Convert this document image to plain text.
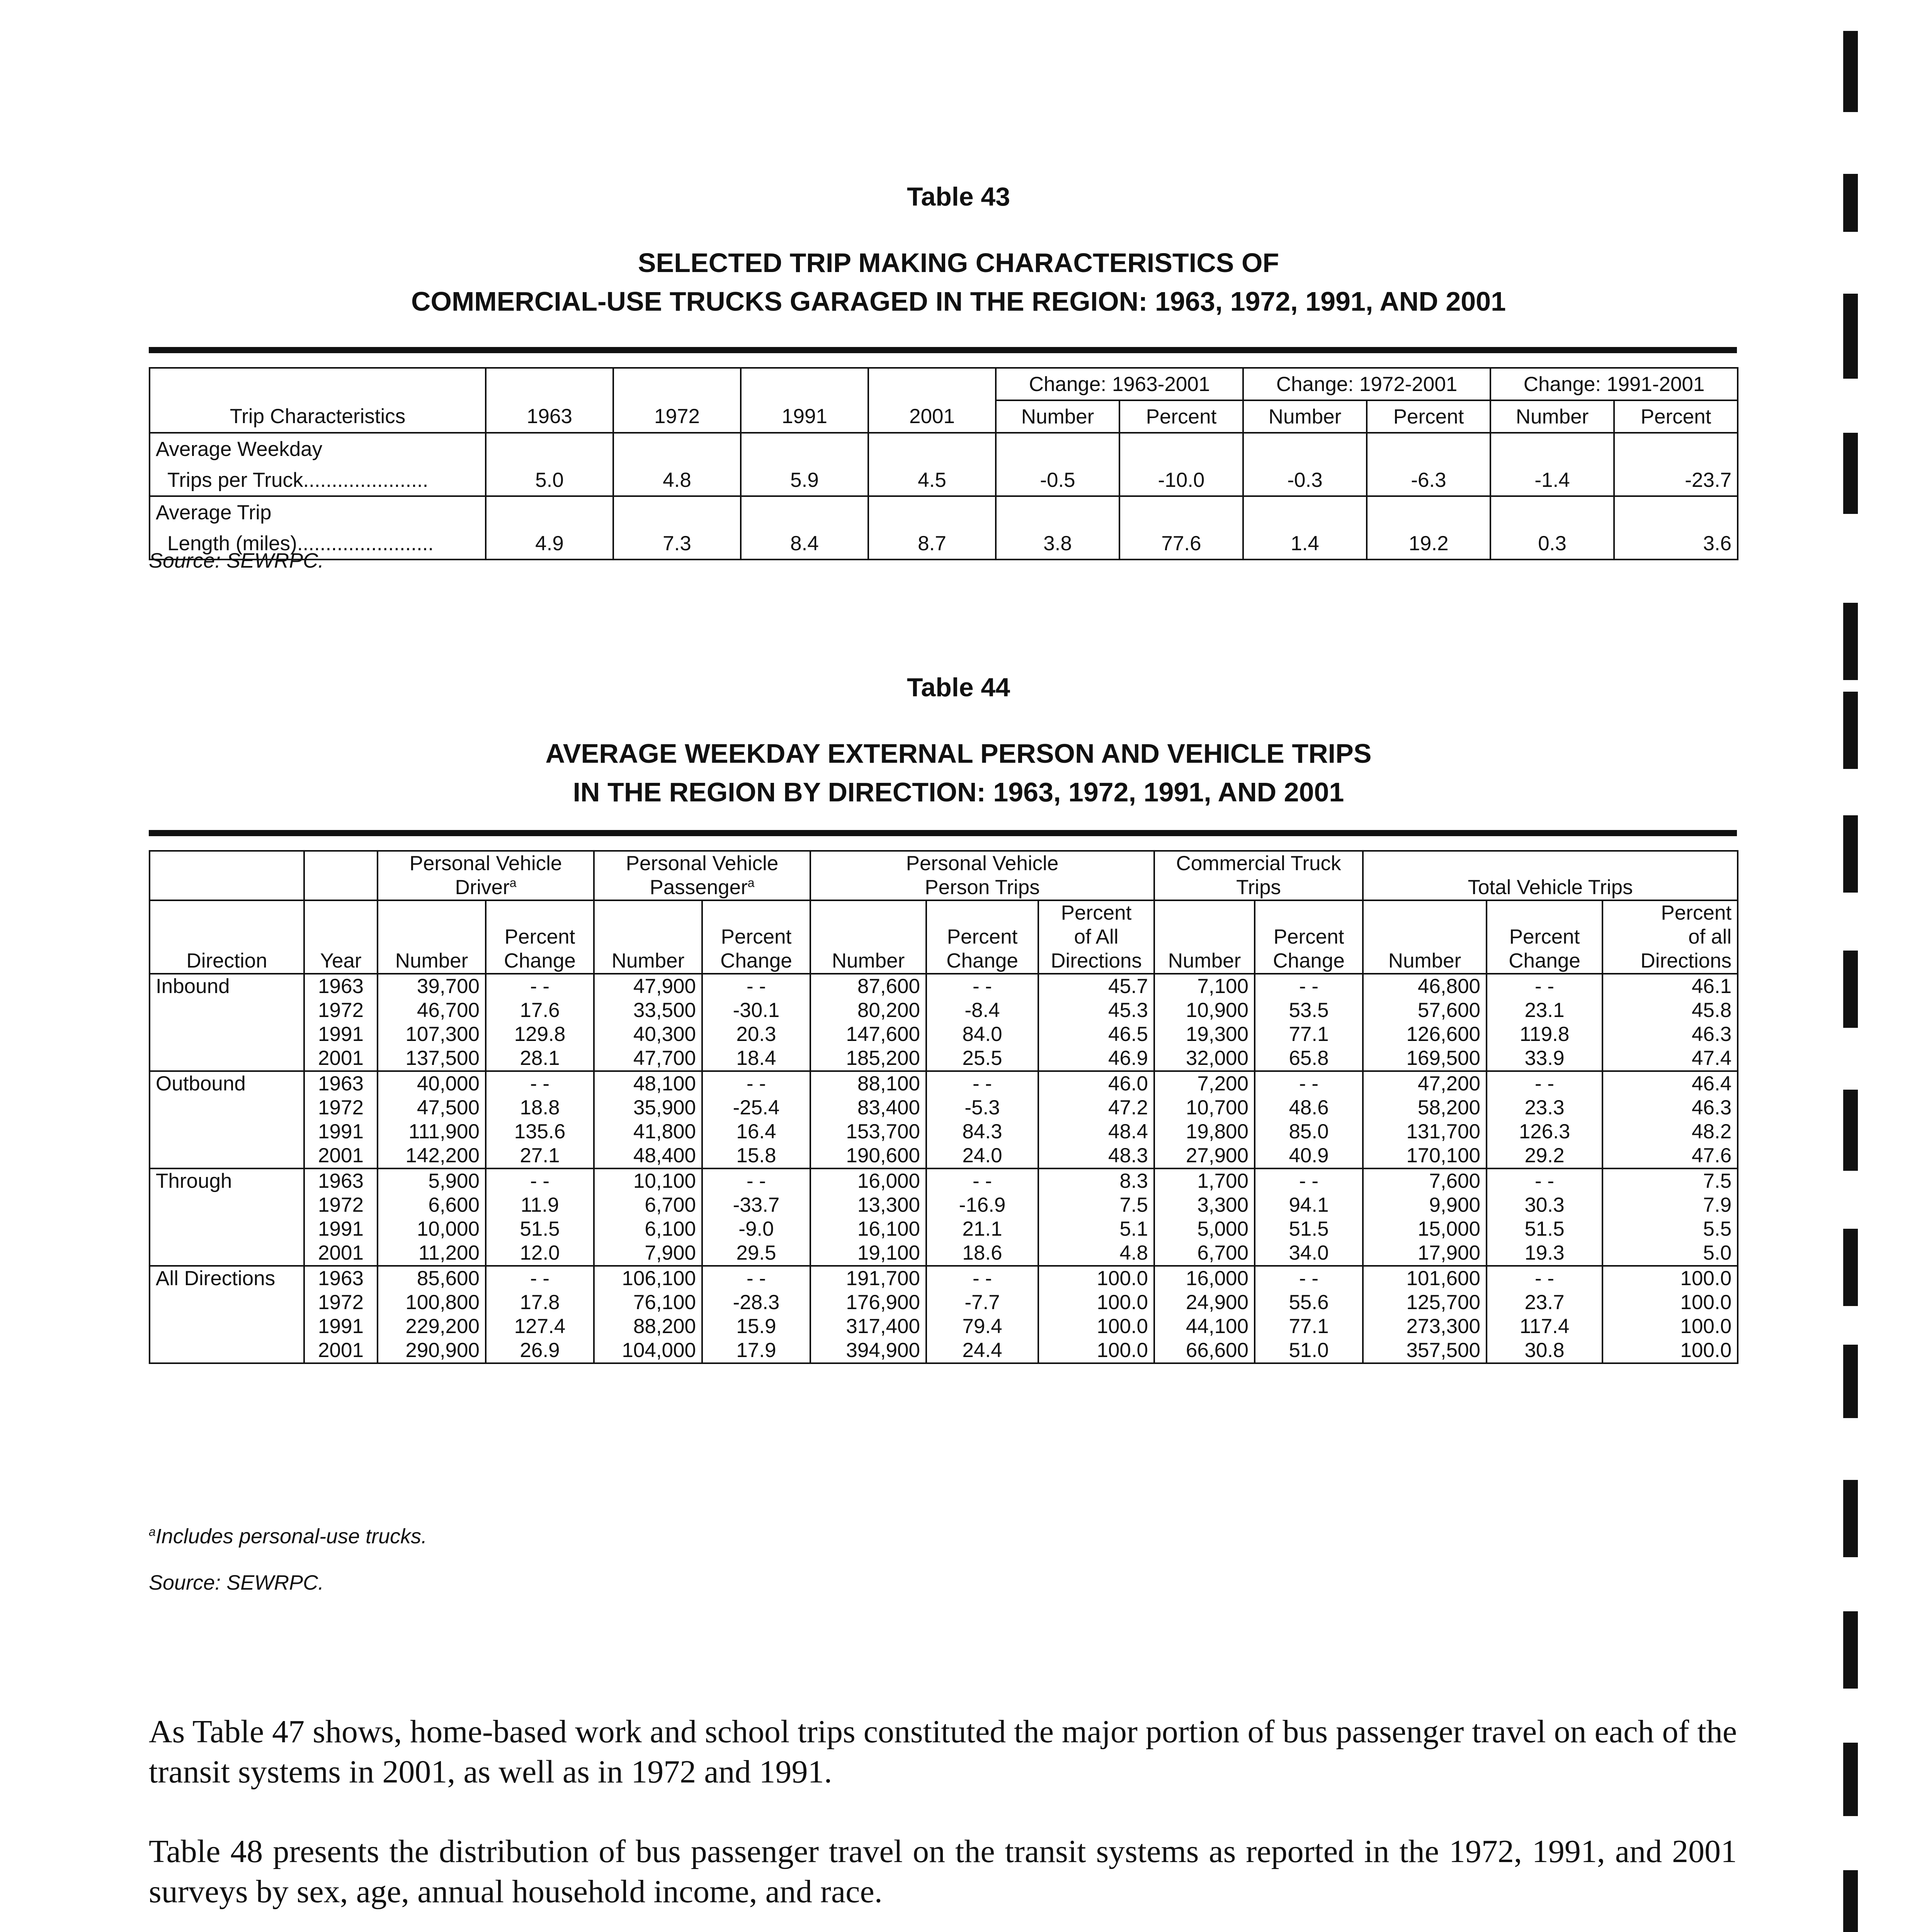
Table 43
SELECTED TRIP MAKING CHARACTERISTICS OF
COMMERCIAL-USE TRUCKS GARAGED IN THE REGION: 1963, 1972, 1991, AND 2001
					Change: 1963-2001		Change: 1972-2001		Change: 1991-2001	
Trip Characteristics	1963	1972	1991	2001	Number	Percent	Number	Percent	Number	Percent
Average Weekday										
Trips per Truck......................	5.0	4.8	5.9	4.5	-0.5	-10.0	-0.3	-6.3	-1.4	-23.7
Average Trip										
Length (miles)........................	4.9	7.3	8.4	8.7	3.8	77.6	1.4	19.2	0.3	3.6
Source: SEWRPC.
Table 44
AVERAGE WEEKDAY EXTERNAL PERSON AND VEHICLE TRIPS
IN THE REGION BY DIRECTION: 1963, 1972, 1991, AND 2001
		Personal Vehicle		Personal Vehicle		Personal Vehicle			Commercial Truck		Total Vehicle Trips		
		Driver$^a$		Passenger$^a$		Person Trips			Trips				
								Percent					Percent
			Percent		Percent		Percent	of All		Percent		Percent	of all
Direction	Year	Number	Change	Number	Change	Number	Change	Directions	Number	Change	Number	Change	Directions
Inbound	1963	39,700	- -	47,900	- -	87,600	- -	45.7	7,100	- -	46,800	- -	46.1
	1972	46,700	17.6	33,500	-30.1	80,200	-8.4	45.3	10,900	53.5	57,600	23.1	45.8
	1991	107,300	129.8	40,300	20.3	147,600	84.0	46.5	19,300	77.1	126,600	119.8	46.3
	2001	137,500	28.1	47,700	18.4	185,200	25.5	46.9	32,000	65.8	169,500	33.9	47.4
Outbound	1963	40,000	- -	48,100	- -	88,100	- -	46.0	7,200	- -	47,200	- -	46.4
	1972	47,500	18.8	35,900	-25.4	83,400	-5.3	47.2	10,700	48.6	58,200	23.3	46.3
	1991	111,900	135.6	41,800	16.4	153,700	84.3	48.4	19,800	85.0	131,700	126.3	48.2
	2001	142,200	27.1	48,400	15.8	190,600	24.0	48.3	27,900	40.9	170,100	29.2	47.6
Through	1963	5,900	- -	10,100	- -	16,000	- -	8.3	1,700	- -	7,600	- -	7.5
	1972	6,600	11.9	6,700	-33.7	13,300	-16.9	7.5	3,300	94.1	9,900	30.3	7.9
	1991	10,000	51.5	6,100	-9.0	16,100	21.1	5.1	5,000	51.5	15,000	51.5	5.5
	2001	11,200	12.0	7,900	29.5	19,100	18.6	4.8	6,700	34.0	17,900	19.3	5.0
All Directions	1963	85,600	- -	106,100	- -	191,700	- -	100.0	16,000	- -	101,600	- -	100.0
	1972	100,800	17.8	76,100	-28.3	176,900	-7.7	100.0	24,900	55.6	125,700	23.7	100.0
	1991	229,200	127.4	88,200	15.9	317,400	79.4	100.0	44,100	77.1	273,300	117.4	100.0
	2001	290,900	26.9	104,000	17.9	394,900	24.4	100.0	66,600	51.0	357,500	30.8	100.0
$^a$Includes personal-use trucks.
Source: SEWRPC.
As Table 47 shows, home-based work and school trips constituted the major portion of bus passenger travel on each of the transit systems in 2001, as well as in 1972 and 1991.
Table 48 presents the distribution of bus passenger travel on the transit systems as reported in the 1972, 1991, and 2001 surveys by sex, age, annual household income, and race.
